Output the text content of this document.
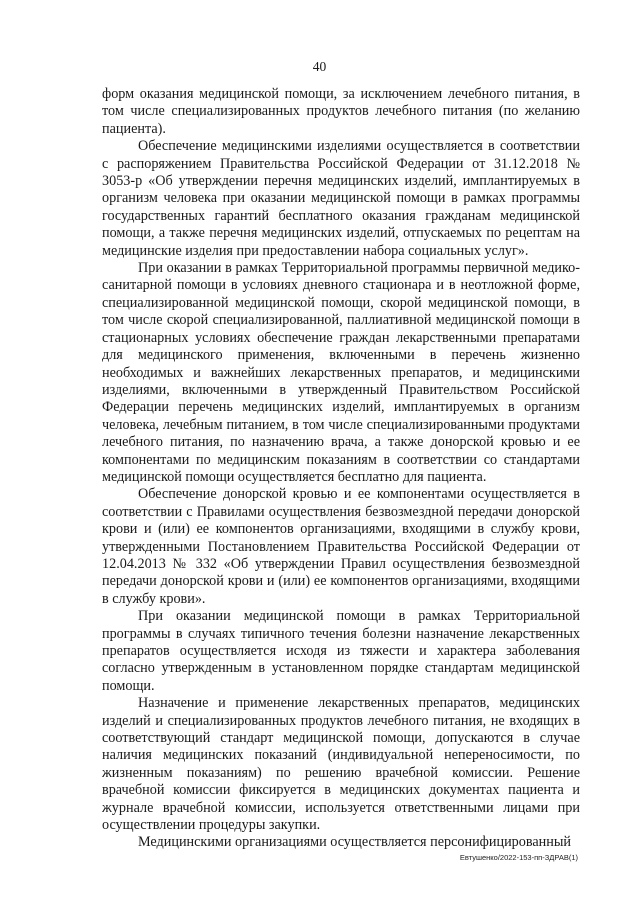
40

форм оказания медицинской помощи, за исключением лечебного питания, в том числе специализированных продуктов лечебного питания (по желанию пациента).

Обеспечение медицинскими изделиями осуществляется в соответствии с распоряжением Правительства Российской Федерации от 31.12.2018 № 3053-р «Об утверждении перечня медицинских изделий, имплантируемых в организм человека при оказании медицинской помощи в рамках программы государственных гарантий бесплатного оказания гражданам медицинской помощи, а также перечня медицинских изделий, отпускаемых по рецептам на медицинские изделия при предоставлении набора социальных услуг».

При оказании в рамках Территориальной программы первичной медико-санитарной помощи в условиях дневного стационара и в неотложной форме, специализированной медицинской помощи, скорой медицинской помощи, в том числе скорой специализированной, паллиативной медицинской помощи в стационарных условиях обеспечение граждан лекарственными препаратами для медицинского применения, включенными в перечень жизненно необходимых и важнейших лекарственных препаратов, и медицинскими изделиями, включенными в утвержденный Правительством Российской Федерации перечень медицинских изделий, имплантируемых в организм человека, лечебным питанием, в том числе специализированными продуктами лечебного питания, по назначению врача, а также донорской кровью и ее компонентами по медицинским показаниям в соответствии со стандартами медицинской помощи осуществляется бесплатно для пациента.

Обеспечение донорской кровью и ее компонентами осуществляется в соответствии с Правилами осуществления безвозмездной передачи донорской крови и (или) ее компонентов организациями, входящими в службу крови, утвержденными Постановлением Правительства Российской Федерации от 12.04.2013 № 332 «Об утверждении Правил осуществления безвозмездной передачи донорской крови и (или) ее компонентов организациями, входящими в службу крови».

При оказании медицинской помощи в рамках Территориальной программы в случаях типичного течения болезни назначение лекарственных препаратов осуществляется исходя из тяжести и характера заболевания согласно утвержденным в установленном порядке стандартам медицинской помощи.

Назначение и применение лекарственных препаратов, медицинских изделий и специализированных продуктов лечебного питания, не входящих в соответствующий стандарт медицинской помощи, допускаются в случае наличия медицинских показаний (индивидуальной непереносимости, по жизненным показаниям) по решению врачебной комиссии. Решение врачебной комиссии фиксируется в медицинских документах пациента и журнале врачебной комиссии, используется ответственными лицами при осуществлении процедуры закупки.

Медицинскими организациями осуществляется персонифицированный

Евтушенко/2022-153-пп-ЗДРАВ(1)
